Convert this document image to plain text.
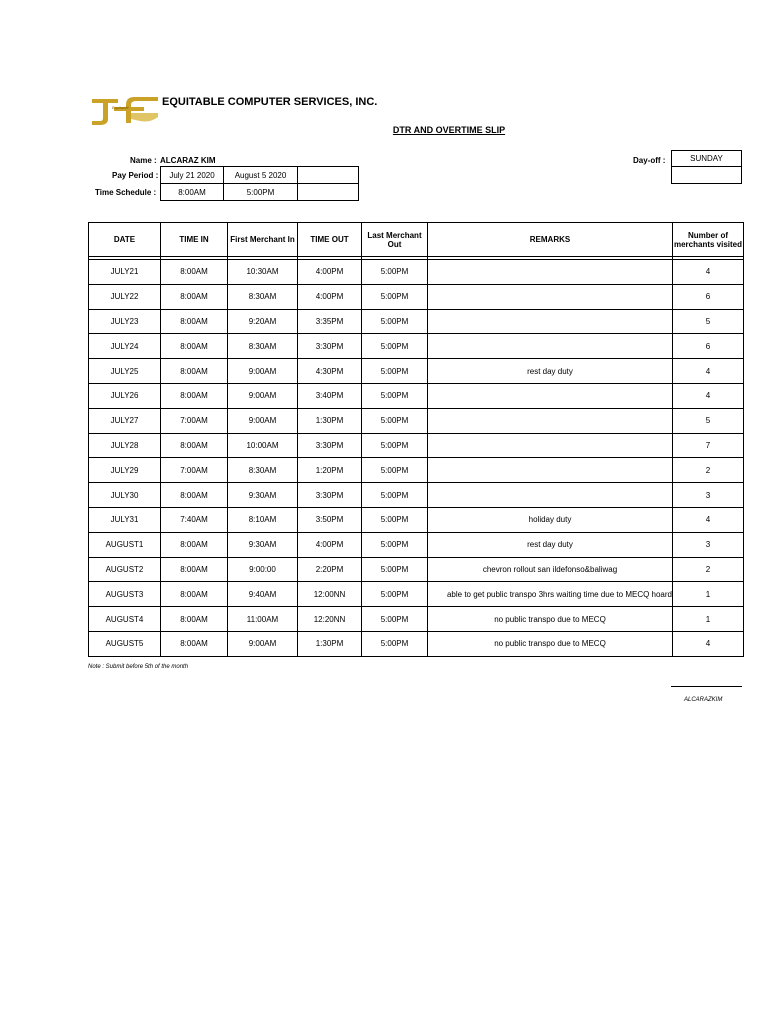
Equitable	EQUITABLE COMPUTER SERVICES, INC.
DTR AND OVERTIME SLIP
Name : ALCARAZ KIM
Pay Period : July 21 2020	August 5 2020
Time Schedule :	8:00AM	5:00PM
Day-off :	SUNDAY
DATE	TIME IN	First Merchant In	TIME OUT	Last Merchant Out	REMARKS	Number of merchants visited

JULY21	8:00AM	10:30AM	4:00PM	5:00PM		4
JULY22	8:00AM	8:30AM	4:00PM	5:00PM		6
JULY23	8:00AM	9:20AM	3:35PM	5:00PM		5
JULY24	8:00AM	8:30AM	3:30PM	5:00PM		6
JULY25	8:00AM	9:00AM	4:30PM	5:00PM	rest day duty	4
JULY26	8:00AM	9:00AM	3:40PM	5:00PM		4
JULY27	7:00AM	9:00AM	1:30PM	5:00PM		5
JULY28	8:00AM	10:00AM	3:30PM	5:00PM		7
JULY29	7:00AM	8:30AM	1:20PM	5:00PM		2
JULY30	8:00AM	9:30AM	3:30PM	5:00PM		3
JULY31	7:40AM	8:10AM	3:50PM	5:00PM	holiday duty	4
AUGUST1	8:00AM	9:30AM	4:00PM	5:00PM	rest day duty	3
AUGUST2	8:00AM	9:00:00	2:20PM	5:00PM	chevron rollout san ildefonso&baliwag	2
AUGUST3	8:00AM	9:40AM	12:00NN	5:00PM	able to get public transpo 3hrs waiting time due to MECQ hoard	1
AUGUST4	8:00AM	11:00AM	12:20NN	5:00PM	no public transpo due to MECQ	1
AUGUST5	8:00AM	9:00AM	1:30PM	5:00PM	no public transpo due to MECQ	4
Note : Submit before 5th of the month
ALCARAZKIM
